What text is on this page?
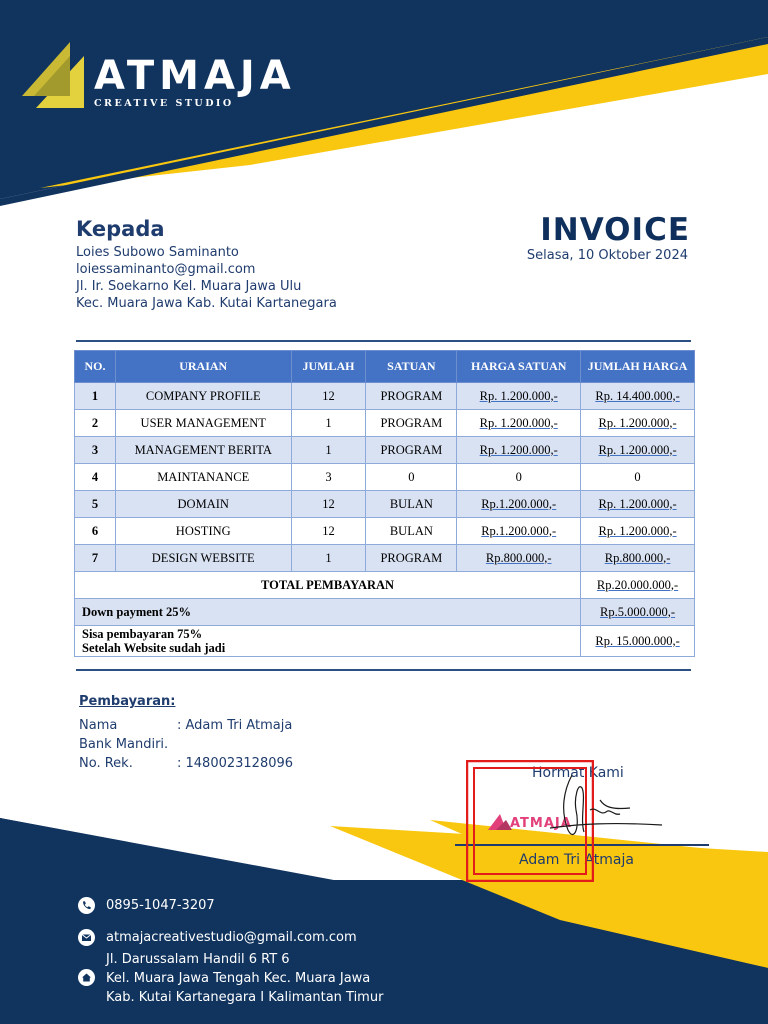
ATMAJA
CREATIVE STUDIO
Kepada
Loies Subowo Saminanto
loiessaminanto@gmail.com
Jl. Ir. Soekarno Kel. Muara Jawa Ulu
Kec. Muara Jawa Kab. Kutai Kartanegara
INVOICE
Selasa, 10 Oktober 2024
NO.	URAIAN	JUMLAH	SATUAN	HARGA SATUAN	JUMLAH HARGA
1	COMPANY PROFILE	12	PROGRAM	Rp. 1.200.000,-	Rp. 14.400.000,-
2	USER MANAGEMENT	1	PROGRAM	Rp. 1.200.000,-	Rp. 1.200.000,-
3	MANAGEMENT BERITA	1	PROGRAM	Rp. 1.200.000,-	Rp. 1.200.000,-
4	MAINTANANCE	3	0	0	0
5	DOMAIN	12	BULAN	Rp.1.200.000,-	Rp. 1.200.000,-
6	HOSTING	12	BULAN	Rp.1.200.000,-	Rp. 1.200.000,-
7	DESIGN WEBSITE	1	PROGRAM	Rp.800.000,-	Rp.800.000,-
TOTAL PEMBAYARAN					Rp.20.000.000,-
Down payment 25%					Rp.5.000.000,-

Sisa pembayaran 75%
Setelah Website sudah jadi					Rp. 15.000.000,-
Pembayaran:
Nama	: Adam Tri Atmaja
Bank Mandiri.
No. Rek.	: 1480023128096
Hormat Kami
Adam Tri Atmaja
ATMAJA
0895-1047-3207
atmajacreativestudio@gmail.com.com
Jl. Darussalam Handil 6 RT 6
Kel. Muara Jawa Tengah Kec. Muara Jawa
Kab. Kutai Kartanegara I Kalimantan Timur
